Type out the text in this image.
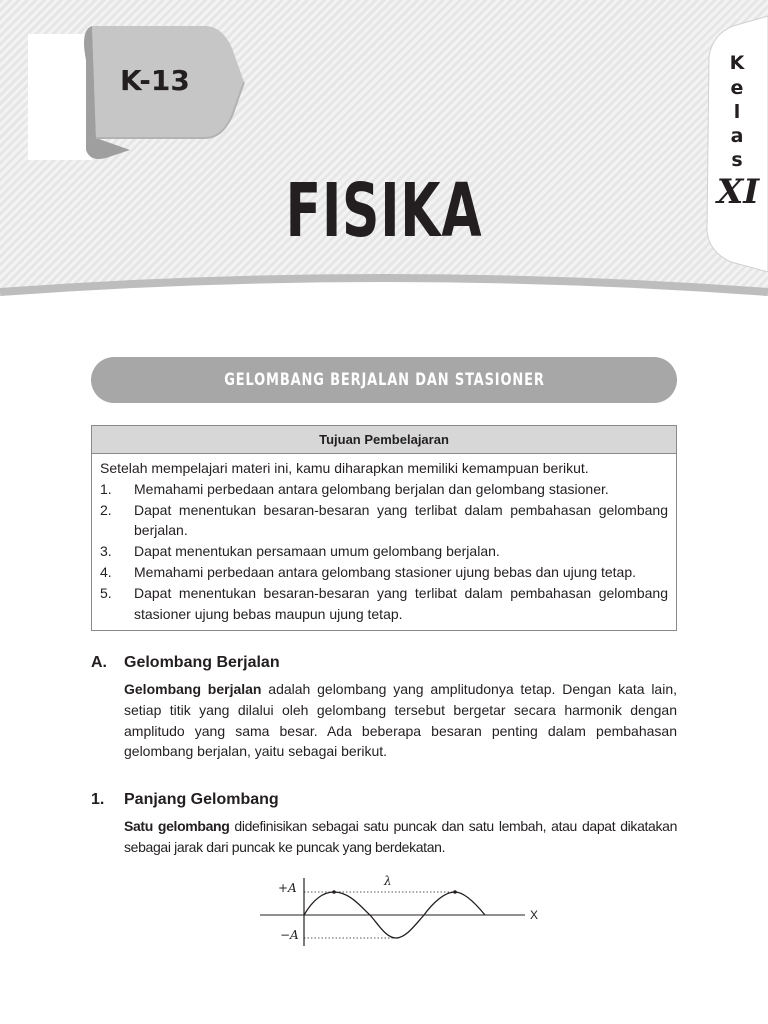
K-13
FISIKA
K
e
l
a
s
XI
GELOMBANG BERJALAN DAN STASIONER
Tujuan Pembelajaran
Setelah mempelajari materi ini, kamu diharapkan memiliki kemampuan berikut.
1.	Memahami perbedaan antara gelombang berjalan dan gelombang stasioner.
2.	Dapat menentukan besaran-besaran yang terlibat dalam pembahasan gelombang berjalan.
3.	Dapat menentukan persamaan umum gelombang berjalan.
4.	Memahami perbedaan antara gelombang stasioner ujung bebas dan ujung tetap.
5.	Dapat menentukan besaran-besaran yang terlibat dalam pembahasan gelombang stasioner ujung bebas maupun ujung tetap.
A. Gelombang Berjalan
Gelombang berjalan adalah gelombang yang amplitudonya tetap. Dengan kata lain, setiap titik yang dilalui oleh gelombang tersebut bergetar secara harmonik dengan amplitudo yang sama besar. Ada beberapa besaran penting dalam pembahasan gelombang berjalan, yaitu sebagai berikut.
1. Panjang Gelombang
Satu gelombang didefinisikan sebagai satu puncak dan satu lembah, atau dapat dikatakan sebagai jarak dari puncak ke puncak yang berdekatan.
+A
−A
λ
X
